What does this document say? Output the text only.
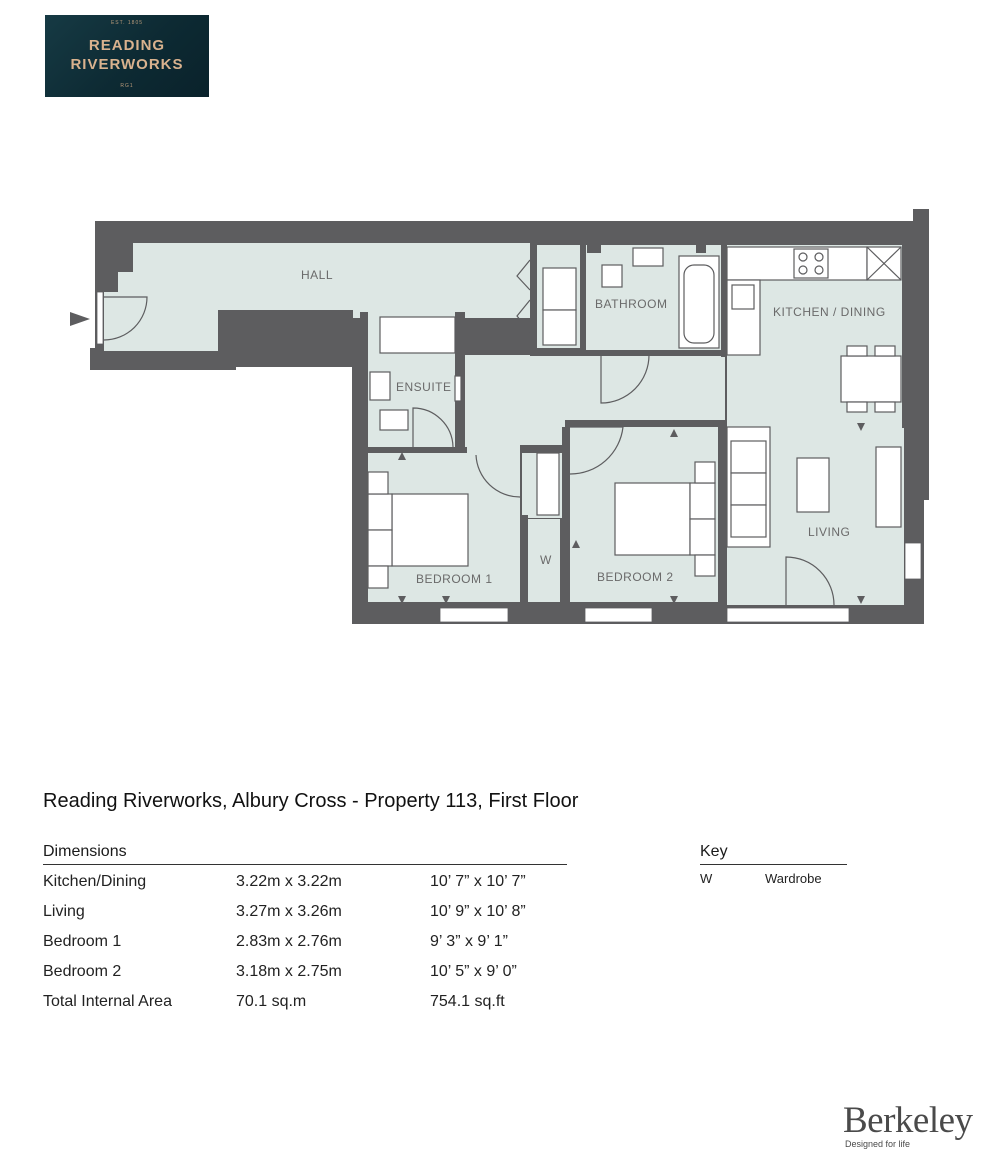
EST. 1805
READING
RIVERWORKS
RG1
HALL
BATHROOM
KITCHEN / DINING
ENSUITE
LIVING
BEDROOM 1	BEDROOM 2
W
Reading Riverworks, Albury Cross - Property 113, First Floor
Dimensions
Kitchen/Dining	3.22m x 3.22m	10’ 7” x 10’ 7”
Living	3.27m x 3.26m	10’ 9” x 10’ 8”
Bedroom 1	2.83m x 2.76m	9’ 3” x 9’ 1”
Bedroom 2	3.18m x 2.75m	10’ 5” x 9’ 0”
Total Internal Area	70.1 sq.m	754.1 sq.ft
Key
W	Wardrobe
Berkeley
Designed for life
